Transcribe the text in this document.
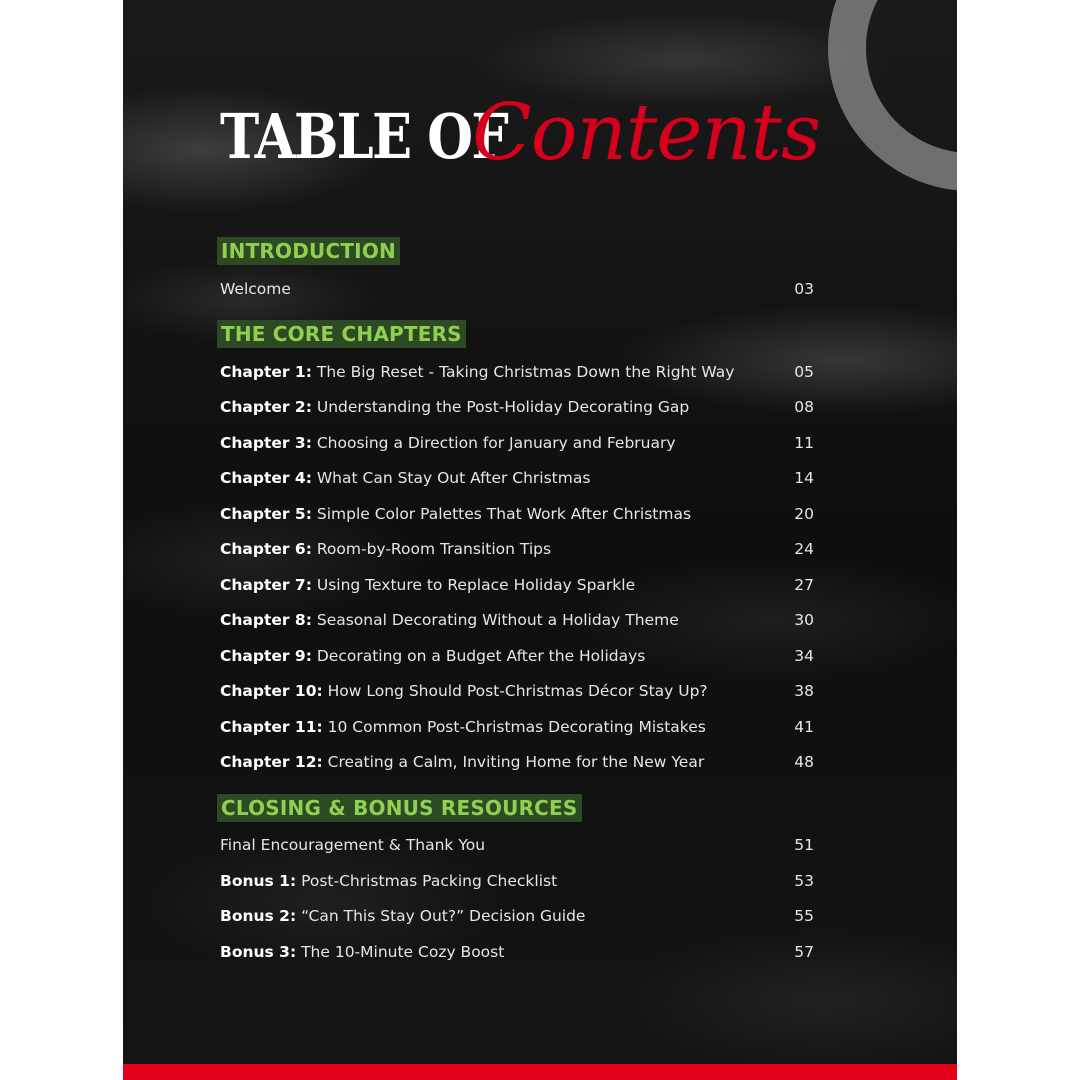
TABLE OF
Contents
INTRODUCTION
Welcome	03
THE CORE CHAPTERS
Chapter 1: The Big Reset - Taking Christmas Down the Right Way	05
Chapter 2: Understanding the Post-Holiday Decorating Gap	08
Chapter 3: Choosing a Direction for January and February	11
Chapter 4: What Can Stay Out After Christmas	14
Chapter 5: Simple Color Palettes That Work After Christmas	20
Chapter 6: Room-by-Room Transition Tips	24
Chapter 7: Using Texture to Replace Holiday Sparkle	27
Chapter 8: Seasonal Decorating Without a Holiday Theme	30
Chapter 9: Decorating on a Budget After the Holidays	34
Chapter 10: How Long Should Post-Christmas Décor Stay Up?	38
Chapter 11: 10 Common Post-Christmas Decorating Mistakes	41
Chapter 12: Creating a Calm, Inviting Home for the New Year	48
CLOSING & BONUS RESOURCES
Final Encouragement & Thank You	51
Bonus 1: Post-Christmas Packing Checklist	53
Bonus 2: “Can This Stay Out?” Decision Guide	55
Bonus 3: The 10-Minute Cozy Boost	57
